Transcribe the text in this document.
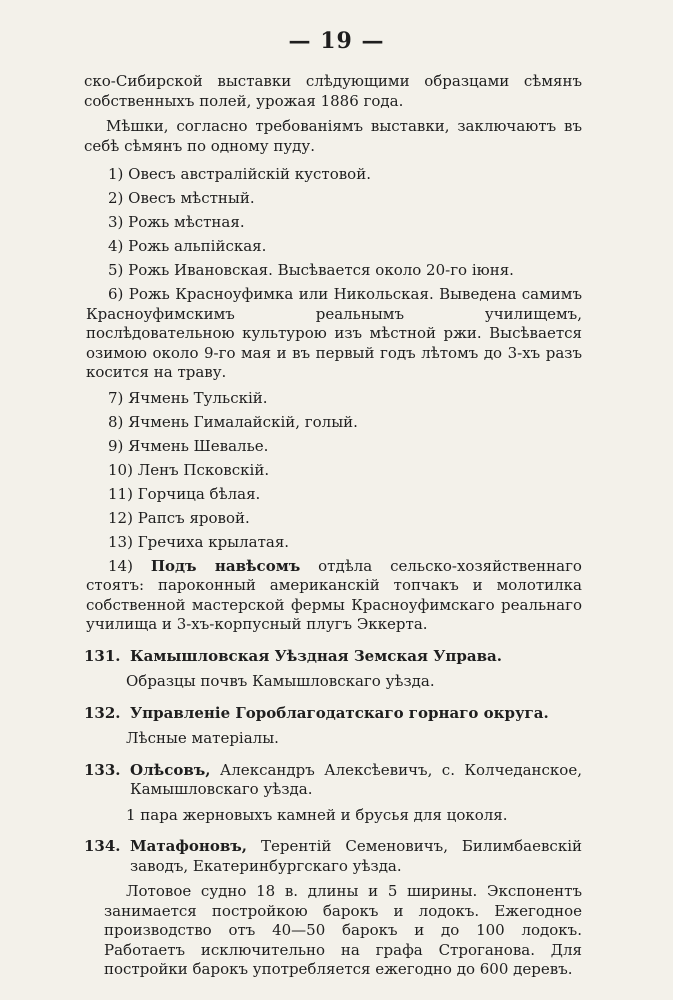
— 19 —

ско-Сибирской выставки слѣдующими образцами сѣмянъ собственныхъ полей, урожая 1886 года.

Мѣшки, согласно требованіямъ выставки, заключаютъ въ себѣ сѣмянъ по одному пуду.

1) Овесъ австралійскій кустовой.

2) Овесъ мѣстный.

3) Рожь мѣстная.

4) Рожь альпійская.

5) Рожь Ивановская. Высѣвается около 20-го іюня.

6) Рожь Красноуфимка или Никольская. Выведена самимъ Красноуфимскимъ реальнымъ училищемъ, послѣдовательною культурою изъ мѣстной ржи. Высѣвается озимою около 9-го мая и въ первый годъ лѣтомъ до 3-хъ разъ косится на траву.

7) Ячмень Тульскій.

8) Ячмень Гималайскій, голый.

9) Ячмень Шевалье.

10) Ленъ Псковскій.

11) Горчица бѣлая.

12) Рапсъ яровой.

13) Гречиха крылатая.

14) Подъ навѣсомъ отдѣла сельско-хозяйственнаго стоятъ: пароконный американскій топчакъ и молотилка собственной мастерской фермы Красноуфимскаго реальнаго училища и 3-хъ-корпусный плугъ Эккерта.

131. Камышловская Уѣздная Земская Управа.

Образцы почвъ Камышловскаго уѣзда.

132. Управленіе Гороблагодатскаго горнаго округа.

Лѣсные матеріалы.

133. Олѣсовъ, Александръ Алексѣевичъ, с. Колчеданское, Камышловскаго уѣзда.

1 пара жерновыхъ камней и брусья для цоколя.

134. Матафоновъ, Терентій Семеновичъ, Билимбаевскій заводъ, Екатеринбургскаго уѣзда.

Лотовое судно 18 в. длины и 5 ширины. Экспонентъ занимается постройкою барокъ и лодокъ. Ежегодное производство отъ 40—50 барокъ и до 100 лодокъ. Работаетъ исключительно на графа Строганова. Для постройки барокъ употребляется ежегодно до 600 деревъ.
